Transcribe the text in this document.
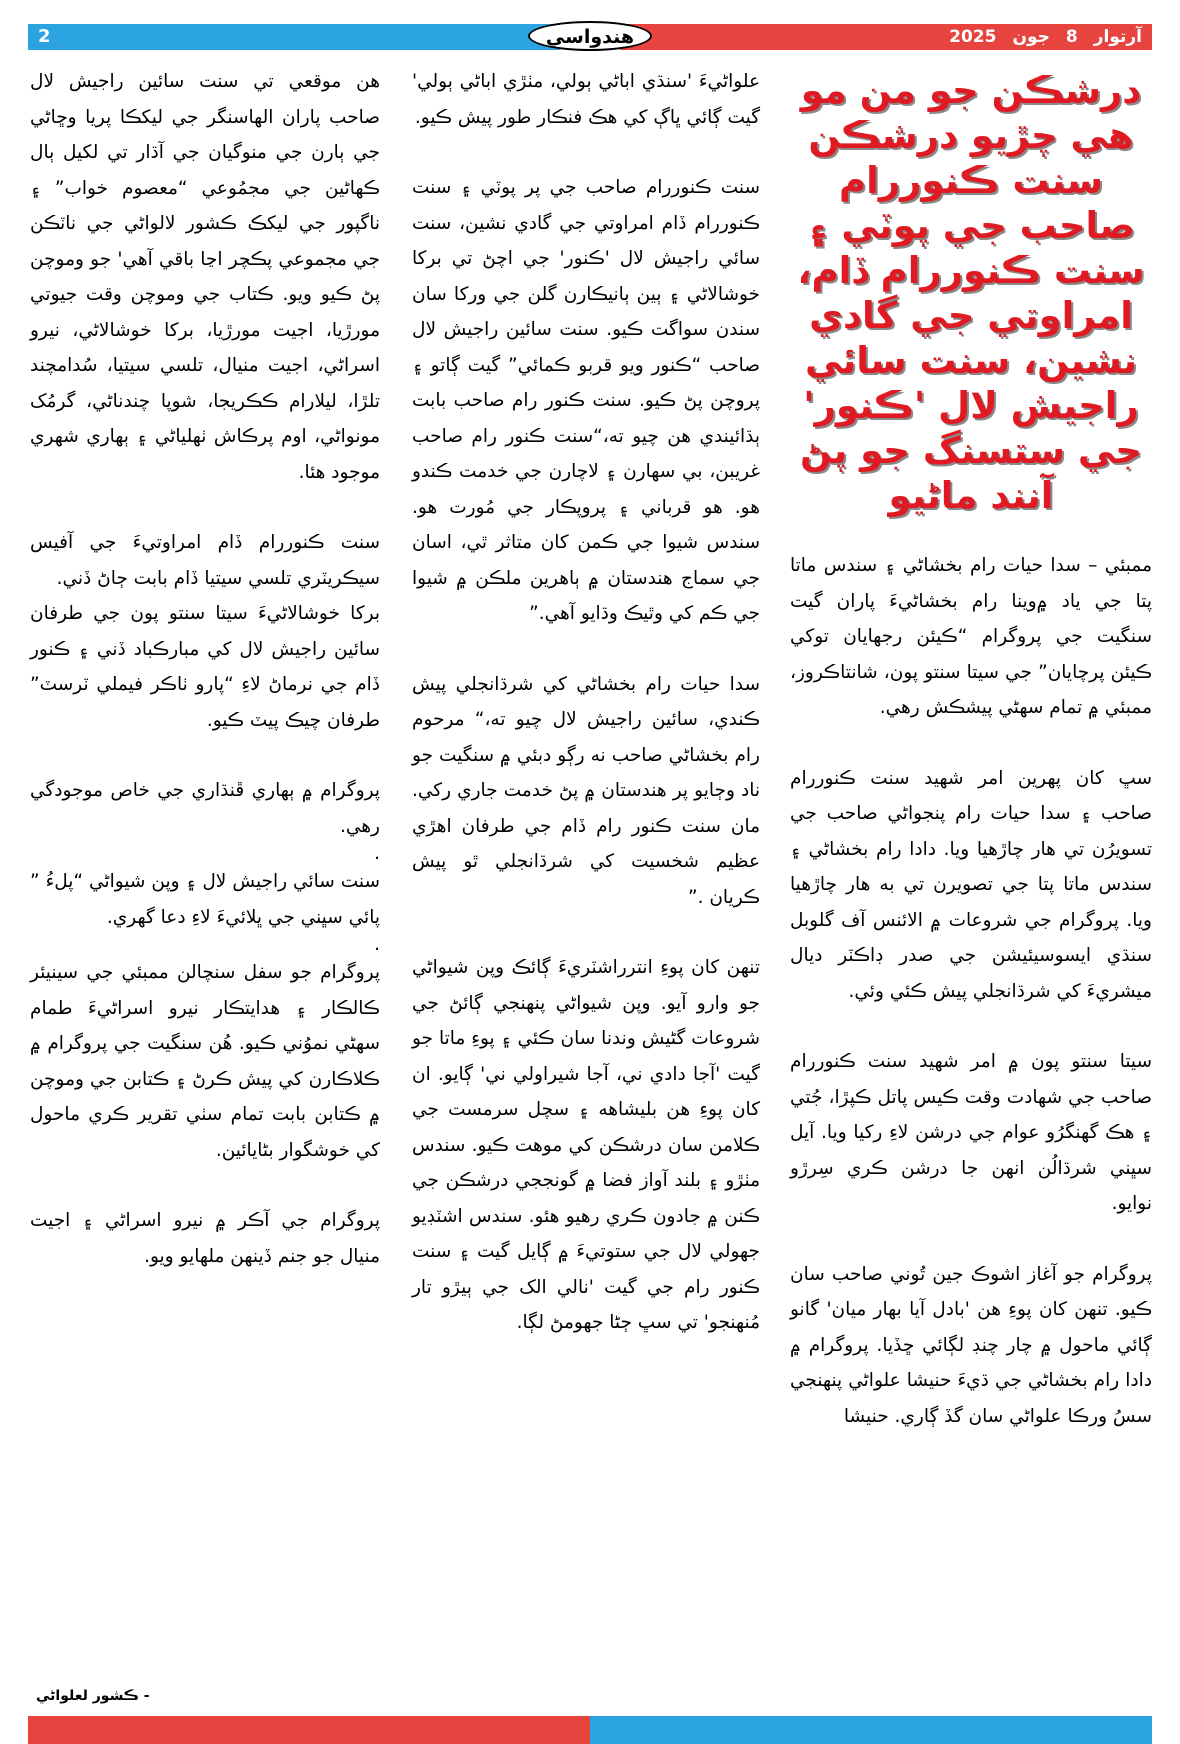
2	هندواسي	آرتوار8جون2025
درشڪن جو من مو هي چڙيو درشڪن سنت ڪنوررام صاحب جي پوٽي ۽ سنت ڪنوررام ڏام، امراوتي جي گادي نشين، سنت سائي راجيش لال 'ڪنور' جي ستسنگ جو پڻ آنند ماڻيو

ممبئي – سدا حيات رام بخشاڻي ۽ سندس ماتا پتا جي ياد ۾وينا رام بخشاڻيءَ پاران گيت سنگيت جي پروگرام “ڪيئن رجهايان توکي ڪيئن پرچايان” جي سيتا سنتو پون، شانتاڪروز، ممبئي ۾ تمام سهڻي پيشڪش رهي.

سڀ کان پهرين امر شهيد سنت ڪنوررام صاحب ۽ سدا حيات رام پنجواڻي صاحب جي تسويرُن تي هار چاڙهيا ويا. دادا رام بخشاڻي ۽ سندس ماتا پتا جي تصويرن تي به هار چاڙهيا ويا. پروگرام جي شروعات ۾ الائنس آف گلوبل سنڌي ايسوسيئيشن جي صدر ڊاڪٽر ديال ميشريءَ کي شرڌانجلي پيش ڪئي وئي.

سيتا سنتو پون ۾ امر شهيد سنت ڪنوررام صاحب جي شهادت وقت ڪيس پاتل ڪپڙا، جُتي ۽ هڪ گهنگرُو عوام جي درشن لاءِ رکيا ويا. آيل سڀني شرڌالُن انهن جا درشن ڪري سِرڙو نوايو.

پروگرام جو آغاز اشوڪ جين تُوني صاحب سان ڪيو. تنهن کان پوءِ هن 'بادل آيا بهار ميان' گانو ڳائي ماحول ۾ چار چنڊ لڳائي ڇڏيا. پروگرام ۾ دادا رام بخشاڻي جي ڌيءَ حنيشا علواڻي پنهنجي سسُ ورڪا علواڻي سان گڏ ڳاري. حنيشا

علواڻيءَ 'سنڌي اباڻي ٻولي، مٺڙي اباڻي ٻولي' گيت ڳائي ڀاڳ کي هڪ فنڪار طور پيش ڪيو.

سنت ڪنوررام صاحب جي پر پوٽي ۽ سنت ڪنوررام ڏام امراوتي جي گادي نشين، سنت سائي راجيش لال 'ڪنور' جي اچڻ تي برکا خوشالاڻي ۽ ٻين ٻانيڪارن گلن جي ورکا سان سندن سواگت ڪيو. سنت سائين راجيش لال صاحب “ڪنور ويو قربو ڪمائي” گيت ڳاتو ۽ پروچن پڻ ڪيو. سنت ڪنور رام صاحب بابت ٻڌائيندي هن چيو ته،“سنت ڪنور رام صاحب غريبن، بي سهارن ۽ لاچارن جي خدمت ڪندو هو. هو قرباني ۽ پروپڪار جي مُورت هو. سندس شيوا جي ڪمن کان متاثر ٿي، اسان جي سماج هندستان ۾ ٻاهرين ملڪن ۾ شيوا جي ڪم کي وٿيڪ وڌايو آهي.”

سدا حيات رام بخشاڻي کي شرڌانجلي پيش ڪندي، سائين راجيش لال چيو ته،“ مرحوم رام بخشاڻي صاحب نه رڳو دبئي ۾ سنگيت جو ناد وڄايو پر هندستان ۾ پڻ خدمت جاري رکي. مان سنت ڪنور رام ڏام جي طرفان اهڙي عظيم شخسيت کي شرڌانجلي ٿو پيش ڪريان .”

تنهن کان پوءِ انترراشٽريءَ ڳائڪ وپن شيواڻي جو وارو آيو. وپن شيواڻي پنهنجي ڳائڻ جي شروعات گڻيش وندنا سان ڪئي ۽ پوءِ ماتا جو گيت 'آجا دادي ني، آجا شيراولي ني' ڳايو. ان کان پوءِ هن بليشاهه ۽ سچل سرمست جي ڪلامن سان درشڪن کي موهت ڪيو. سندس مٺڙو ۽ بلند آواز فضا ۾ گونججي درشڪن جي ڪنن ۾ جادون ڪري رهيو هئو. سندس اشٽڊيو جهولي لال جي ستوتيءَ ۾ ڳايل گيت ۽ سنت ڪنور رام جي گيت 'نالي الک جي ٻيڙو تار مُنهنجو' تي سڀ ڄڻا جهومڻ لڳا.

هن موقعي تي سنت سائين راجيش لال صاحب پاران الهاسنگر جي ليکڪا پريا وڇاڻي جي ٻارن جي منوگيان جي آڌار تي لکيل ٻال ڪهاڻين جي مجمُوعي “معصوم خواب” ۽ ناگپور جي ليکڪ ڪشور لالواڻي جي ناٽڪن جي مجموعي پڪچر اڃا باقي آهي' جو وموچن پڻ ڪيو ويو. ڪتاب جي وموچن وقت جيوتي مورڙيا، اجيت مورڙيا، برکا خوشالاڻي، نيرو اسراڻي، اجيت منيال، تلسي سيتيا، سُدامچند تلڙا، ليلارام ڪڪريجا، شوپا چندناڻي، گرمُک مونواڻي، اوم پرڪاش ٺهلياڻي ۽ ٻهاري شهري موجود هئا.

سنت ڪنوررام ڏام امراوتيءَ جي آفيس سيڪريٽري تلسي سيتيا ڏام بابت ڄاڻ ڏني.

برکا خوشالاڻيءَ سيتا سنتو پون جي طرفان سائين راجيش لال کي مبارڪباد ڏني ۽ ڪنور ڏام جي نرماڻ لاءِ “پارو ٺاڪر فيملي ٽرسٽ” طرفان چيڪ پيٽ ڪيو.

پروگرام ۾ ٻهاري ڦنڌاري جي خاص موجودگي رهي.

.

سنت سائي راجيش لال ۽ وپن شيواڻي “پلءُ ” پائي سڀني جي ڀلائيءَ لاءِ دعا گهري.

.

پروگرام جو سفل سنچالن ممبئي جي سينيئر ڪالڪار ۽ هدايتڪار نيرو اسراڻيءَ طمام سهڻي نموُني ڪيو. هُن سنگيت جي پروگرام ۾ ڪلاڪارن کي پيش ڪرڻ ۽ ڪتابن جي وموچن ۾ ڪتابن بابت تمام سٺي تقرير ڪري ماحول کي خوشگوار بڻايائين.

پروگرام جي آڪر ۾ نيرو اسراڻي ۽ اجيت منيال جو جنم ڏينهن ملهايو ويو.

- ڪشور لعلواڻي
